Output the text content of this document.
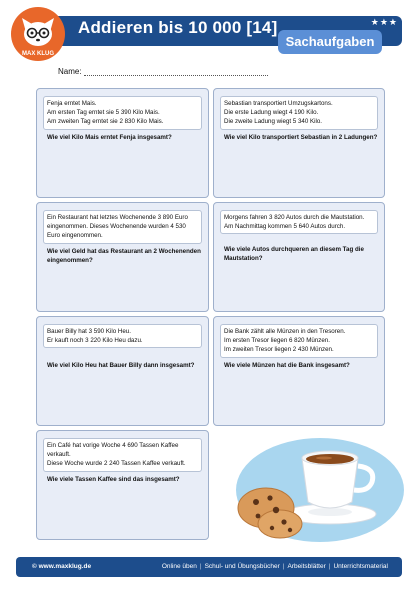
Addieren bis 10 000 [14]	★★★
Sachaufgaben
MAX KLUG
Name:
Fenja erntet Mais.
Am ersten Tag erntet sie 5 390 Kilo Mais.
Am zweiten Tag erntet sie 2 830 Kilo Mais.
Wie viel Kilo Mais erntet Fenja insgesamt?
Sebastian transportiert Umzugskartons.
Die erste Ladung wiegt 4 190 Kilo.
Die zweite Ladung wiegt 5 340 Kilo.
Wie viel Kilo transportiert Sebastian in 2 Ladungen?
Ein Restaurant hat letztes Wochenende 3 890 Euro eingenommen. Dieses Wochenende wurden 4 530 Euro eingenommen.
Wie viel Geld hat das Restaurant an 2 Wochenenden eingenommen?
Morgens fahren 3 820 Autos durch die Mautstation.
Am Nachmittag kommen 5 640 Autos durch.
Wie viele Autos durchqueren an diesem Tag die Mautstation?
Bauer Billy hat 3 590 Kilo Heu.
Er kauft noch 3 220 Kilo Heu dazu.
Wie viel Kilo Heu hat Bauer Billy dann insgesamt?
Die Bank zählt alle Münzen in den Tresoren.
Im ersten Tresor liegen 6 820 Münzen.
Im zweiten Tresor liegen 2 430 Münzen.
Wie viele Münzen hat die Bank insgesamt?
Ein Café hat vorige Woche 4 690 Tassen Kaffee verkauft.
Diese Woche wurde 2 240 Tassen Kaffee verkauft.
Wie viele Tassen Kaffee sind das insgesamt?
© www.maxklug.de	Online üben | Schul- und Übungsbücher | Arbeitsblätter | Unterrichtsmaterial
